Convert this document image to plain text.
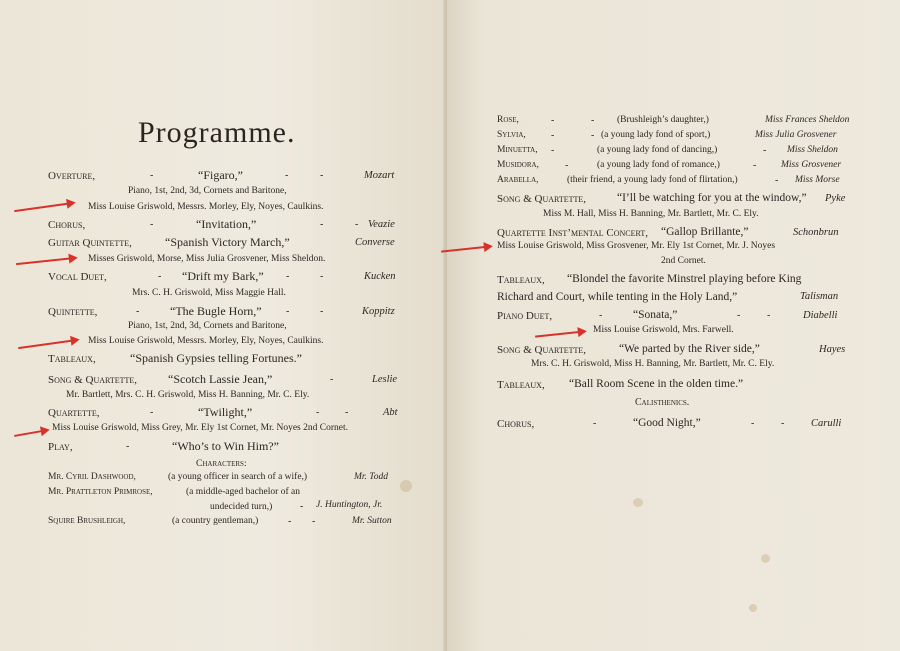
Programme.
Overture,	-	“Figaro,”	-	-	Mozart
Piano, 1st, 2nd, 3d, Cornets and Baritone,
Miss Louise Griswold, Messrs. Morley, Ely, Noyes, Caulkins.
Chorus,	-	“Invitation,”	-	- Veazie
Guitar Quintette,	“Spanish Victory March,”	Converse
Misses Griswold, Morse, Miss Julia Grosvener, Miss Sheldon.
Vocal Duet,	- “Drift my Bark,” -	-	Kucken
Mrs. C. H. Griswold, Miss Maggie Hall.
Quintette,	-	“The Bugle Horn,” -	-	Koppitz
Piano, 1st, 2nd, 3d, Cornets and Baritone,
Miss Louise Griswold, Messrs. Morley, Ely, Noyes, Caulkins.
Tableaux,	“Spanish Gypsies telling Fortunes.”
Song & Quartette,	“Scotch Lassie Jean,”	-	Leslie
Mr. Bartlett, Mrs. C. H. Griswold, Miss H. Banning, Mr. C. Ely.
Quartette,	-	“Twilight,”	-	-	Abt
Miss Louise Griswold, Miss Grey, Mr. Ely 1st Cornet, Mr. Noyes 2nd Cornet.
Play,	-	“Who’s to Win Him?”
Characters:
Mr. Cyril Dashwood,	(a young officer in search of a wife,)	Mr. Todd
Mr. Prattleton Primrose,	(a middle-aged bachelor of an
-
undecided turn,)	J. Huntington, Jr.
Squire Brushleigh,	(a country gentleman,)	- -	Mr. Sutton
Rose,	-	- (Brushleigh’s daughter,)	Miss Frances Sheldon
Sylvia,	-	- (a young lady fond of sport,)	Miss Julia Grosvener
Minuetta, -	(a young lady fond of dancing,)	- Miss Sheldon
Musidora,	-	(a young lady fond of romance,)	-	Miss Grosvener
Arabella,	(their friend, a young lady fond of flirtation,)	- Miss Morse
Song & Quartette,	“I’ll be watching for you at the window,” Pyke
Miss M. Hall, Miss H. Banning, Mr. Bartlett, Mr. C. Ely.
Quartette Inst’mental Concert, “Gallop Brillante,”	Schonbrun
Miss Louise Griswold, Miss Grosvener, Mr. Ely 1st Cornet, Mr. J. Noyes
2nd Cornet.
Tableaux, “Blondel the favorite Minstrel playing before King
Richard and Court, while tenting in the Holy Land,”	Talisman
Piano Duet,	-	“Sonata,”	-	-	Diabelli
Miss Louise Griswold, Mrs. Farwell.
Song & Quartette,	“We parted by the River side,”	Hayes
Mrs. C. H. Griswold, Miss H. Banning, Mr. Bartlett, Mr. C. Ely.
Tableaux, “Ball Room Scene in the olden time.”
Calisthenics.
Chorus,	-	“Good Night,”	-	-	Carulli
